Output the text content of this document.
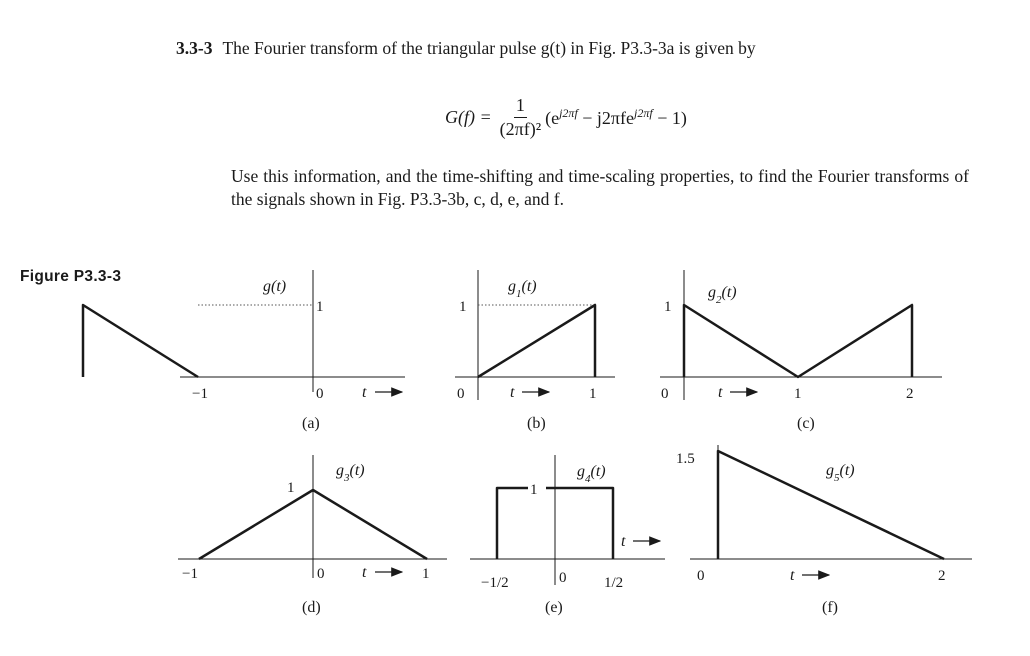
3.3-3 The Fourier transform of the triangular pulse g(t) in Fig. P3.3-3a is given by
$G(f) = \frac{1}{\text{(2πf)²}} (e^{j2\pi f} - j2\pi fe^{j2\pi f} - 1)$
Use this information, and the time-shifting and time-scaling properties, to find the Fourier transforms of the signals shown in Fig. P3.3-3b, c, d, e, and f.
Figure P3.3-3
g(t)
1
−1	0 t
(a)
$g_1(t)$
1
0	1
t
(b)
$g_2(t)$
1
0	1	2
t
(c)
$g_3(t)$
1
−1	0	1
t
(d)
1
$g_4(t)$
t
−1/2	0	1/2
(e)
1.5
$g_5(t)$
0	2
t
(f)
